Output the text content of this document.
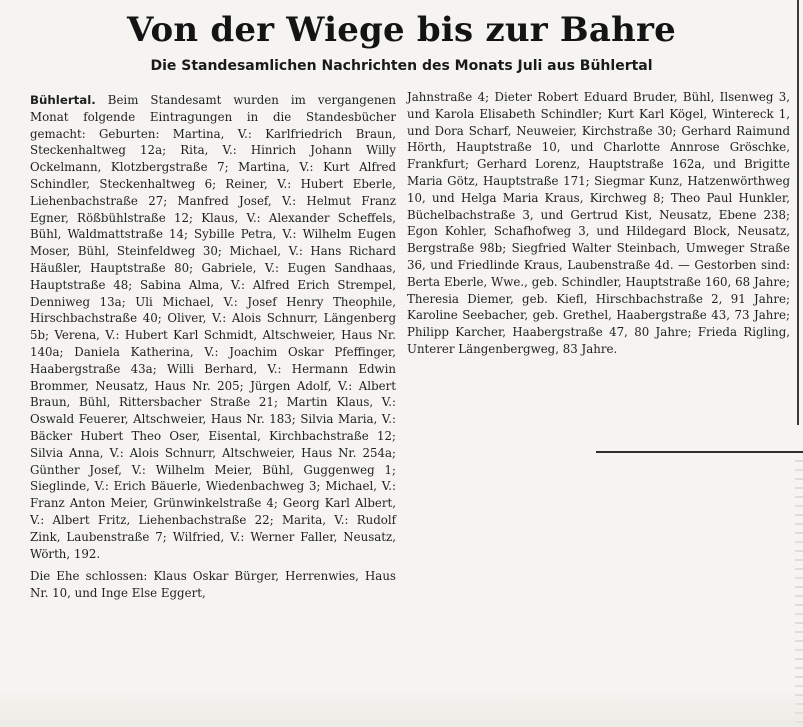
Von der Wiege bis zur Bahre
Die Standesamlichen Nachrichten des Monats Juli aus Bühlertal

Bühlertal. Beim Standesamt wurden im vergangenen Monat folgende Eintragungen in die Standesbücher gemacht: Geburten: Martina, V.: Karlfriedrich Braun, Steckenhaltweg 12a; Rita, V.: Hinrich Johann Willy Ockelmann, Klotzbergstraße 7; Martina, V.: Kurt Alfred Schindler, Steckenhaltweg 6; Reiner, V.: Hubert Eberle, Liehenbachstraße 27; Manfred Josef, V.: Helmut Franz Egner, Rößbühlstraße 12; Klaus, V.: Alexander Scheffels, Bühl, Waldmattstraße 14; Sybille Petra, V.: Wilhelm Eugen Moser, Bühl, Steinfeldweg 30; Michael, V.: Hans Richard Häußler, Hauptstraße 80; Gabriele, V.: Eugen Sandhaas, Hauptstraße 48; Sabina Alma, V.: Alfred Erich Strempel, Denniweg 13a; Uli Michael, V.: Josef Henry Theophile, Hirschbachstraße 40; Oliver, V.: Alois Schnurr, Längenberg 5b; Verena, V.: Hubert Karl Schmidt, Altschweier, Haus Nr. 140a; Daniela Katherina, V.: Joachim Oskar Pfeffinger, Haabergstraße 43a; Willi Berhard, V.: Hermann Edwin Brommer, Neusatz, Haus Nr. 205; Jürgen Adolf, V.: Albert Braun, Bühl, Rittersbacher Straße 21; Martin Klaus, V.: Oswald Feuerer, Altschweier, Haus Nr. 183; Silvia Maria, V.: Bäcker Hubert Theo Oser, Eisental, Kirchbachstraße 12; Silvia Anna, V.: Alois Schnurr, Altschweier, Haus Nr. 254a; Günther Josef, V.: Wilhelm Meier, Bühl, Guggenweg 1; Sieglinde, V.: Erich Bäuerle, Wiedenbachweg 3; Michael, V.: Franz Anton Meier, Grünwinkelstraße 4; Georg Karl Albert, V.: Albert Fritz, Liehenbachstraße 22; Marita, V.: Rudolf Zink, Laubenstraße 7; Wilfried, V.: Werner Faller, Neusatz, Wörth, 192.

Die Ehe schlossen: Klaus Oskar Bürger, Herrenwies, Haus Nr. 10, und Inge Else Eggert,

Jahnstraße 4; Dieter Robert Eduard Bruder, Bühl, Ilsenweg 3, und Karola Elisabeth Schindler; Kurt Karl Kögel, Wintereck 1, und Dora Scharf, Neuweier, Kirchstraße 30; Gerhard Raimund Hörth, Hauptstraße 10, und Charlotte Annrose Gröschke, Frankfurt; Gerhard Lorenz, Hauptstraße 162a, und Brigitte Maria Götz, Hauptstraße 171; Siegmar Kunz, Hatzenwörthweg 10, und Helga Maria Kraus, Kirchweg 8; Theo Paul Hunkler, Büchelbachstraße 3, und Gertrud Kist, Neusatz, Ebene 238; Egon Kohler, Schafhofweg 3, und Hildegard Block, Neusatz, Bergstraße 98b; Siegfried Walter Steinbach, Umweger Straße 36, und Friedlinde Kraus, Laubenstraße 4d. — Gestorben sind: Berta Eberle, Wwe., geb. Schindler, Hauptstraße 160, 68 Jahre; Theresia Diemer, geb. Kiefl, Hirschbachstraße 2, 91 Jahre; Karoline Seebacher, geb. Grethel, Haabergstraße 43, 73 Jahre; Philipp Karcher, Haabergstraße 47, 80 Jahre; Frieda Rigling, Unterer Längenbergweg, 83 Jahre.
